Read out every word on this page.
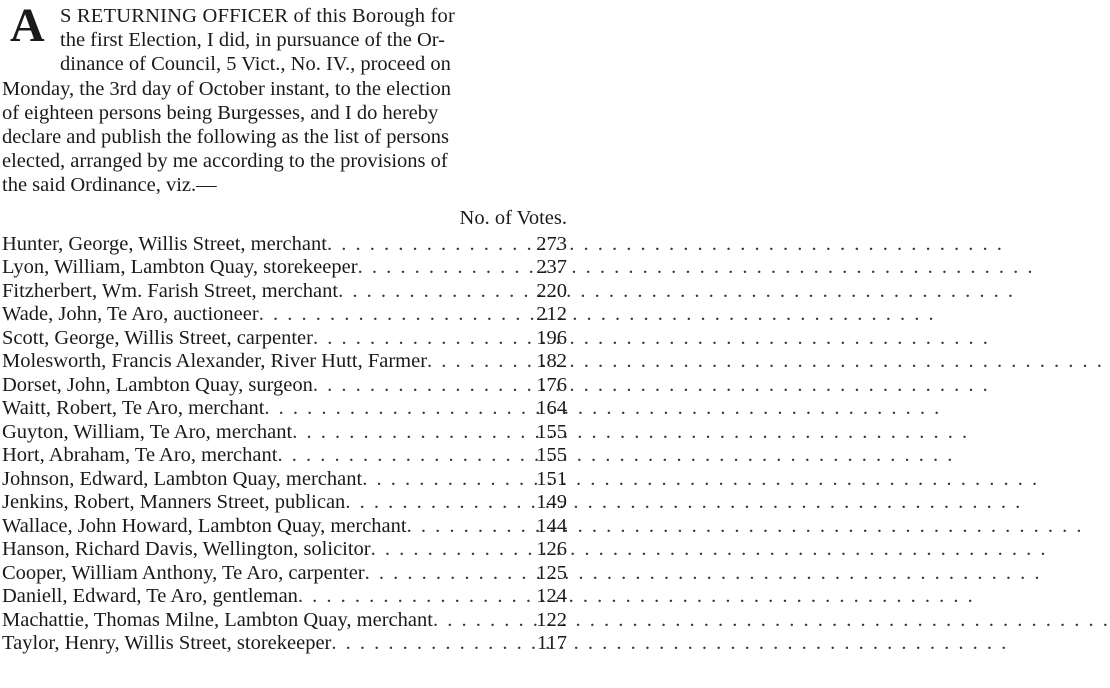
A S RETURNING OFFICER of this Borough for
the first Election, I did, in pursuance of the Or-
dinance of Council, 5 Vict., No. IV., proceed on
Monday, the 3rd day of October instant, to the election
of eighteen persons being Burgesses, and I do hereby
declare and publish the following as the list of persons
elected, arranged by me according to the provisions of
the said Ordinance, viz.—
No. of Votes.
Hunter, George, Willis Street, merchant . . .	273
Lyon, William, Lambton Quay, storekeeper . . .	237
Fitzherbert, Wm. Farish Street, merchant . . .	220
Wade, John, Te Aro, auctioneer . . .	212
Scott, George, Willis Street, carpenter . . .	196
Molesworth, Francis Alexander, River Hutt, Farmer . . .	182
Dorset, John, Lambton Quay, surgeon . . .	176
Waitt, Robert, Te Aro, merchant . . .	164
Guyton, William, Te Aro, merchant . . .	155
Hort, Abraham, Te Aro, merchant . . .	155
Johnson, Edward, Lambton Quay, merchant . . .	151
Jenkins, Robert, Manners Street, publican . . .	149
Wallace, John Howard, Lambton Quay, merchant . . .	144
Hanson, Richard Davis, Wellington, solicitor . . .	126
Cooper, William Anthony, Te Aro, carpenter . . .	125
Daniell, Edward, Te Aro, gentleman . . .	124
Machattie, Thomas Milne, Lambton Quay, merchant . . .	122
Taylor, Henry, Willis Street, storekeeper . . .	117
